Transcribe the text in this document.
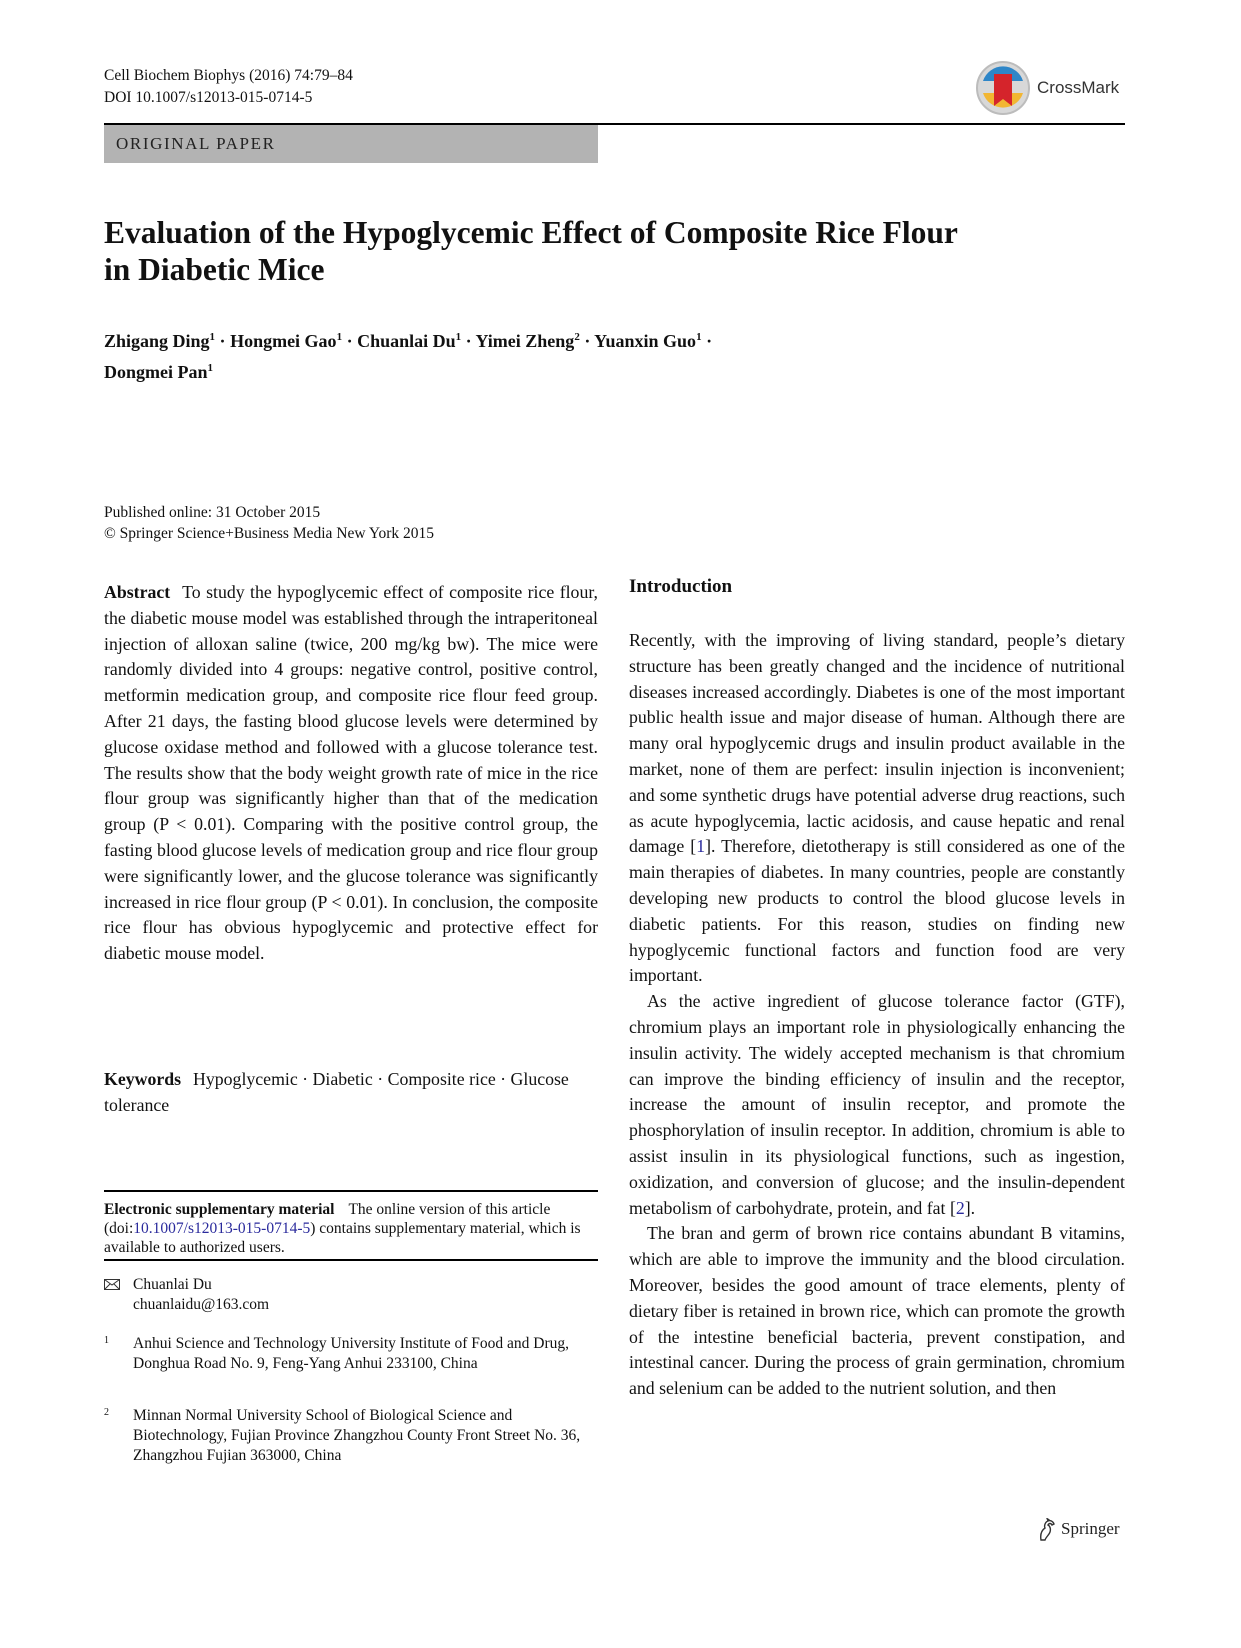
Cell Biochem Biophys (2016) 74:79–84
DOI 10.1007/s12013-015-0714-5
CrossMark
ORIGINAL PAPER
Evaluation of the Hypoglycemic Effect of Composite Rice Flour
in Diabetic Mice
Zhigang Ding$^1$ · Hongmei Gao$^1$ · Chuanlai $Du^1$ · Yimei Zheng$^2$ · Yuanxin Guo$^1$ ·
Dongmei Pan$^1$
Published online: 31 October 2015
© Springer Science+Business Media New York 2015
Abstract To study the hypoglycemic effect of composite rice flour, the diabetic mouse model was established through the intraperitoneal injection of alloxan saline (twice, 200 mg/kg bw). The mice were randomly divided into 4 groups: negative control, positive control, metformin medication group, and composite rice flour feed group. After 21 days, the fasting blood glucose levels were determined by glucose oxidase method and followed with a glucose tolerance test. The results show that the body weight growth rate of mice in the rice flour group was significantly higher than that of the medication group (P < 0.01). Comparing with the positive control group, the fasting blood glucose levels of medication group and rice flour group were significantly lower, and the glucose tolerance was significantly increased in rice flour group (P < 0.01). In conclusion, the composite rice flour has obvious hypoglycemic and protective effect for diabetic mouse model.
Keywords Hypoglycemic · Diabetic · Composite rice · Glucose tolerance
Electronic supplementary material The online version of this article (doi:10.1007/s12013-015-0714-5) contains supplementary material, which is available to authorized users.
Chuanlai Du
chuanlaidu@163.com
1 Anhui Science and Technology University Institute of Food and Drug, Donghua Road No. 9, Feng-Yang Anhui 233100, China
2 Minnan Normal University School of Biological Science and Biotechnology, Fujian Province Zhangzhou County Front Street No. 36, Zhangzhou Fujian 363000, China
Introduction

Recently, with the improving of living standard, people’s dietary structure has been greatly changed and the incidence of nutritional diseases increased accordingly. Diabetes is one of the most important public health issue and major disease of human. Although there are many oral hypoglycemic drugs and insulin product available in the market, none of them are perfect: insulin injection is inconvenient; and some synthetic drugs have potential adverse drug reactions, such as acute hypoglycemia, lactic acidosis, and cause hepatic and renal damage [1]. Therefore, dietotherapy is still considered as one of the main therapies of diabetes. In many countries, people are constantly developing new products to control the blood glucose levels in diabetic patients. For this reason, studies on finding new hypoglycemic functional factors and function food are very important.

As the active ingredient of glucose tolerance factor (GTF), chromium plays an important role in physiologically enhancing the insulin activity. The widely accepted mechanism is that chromium can improve the binding efficiency of insulin and the receptor, increase the amount of insulin receptor, and promote the phosphorylation of insulin receptor. In addition, chromium is able to assist insulin in its physiological functions, such as ingestion, oxidization, and conversion of glucose; and the insulin-dependent metabolism of carbohydrate, protein, and fat [2].

The bran and germ of brown rice contains abundant B vitamins, which are able to improve the immunity and the blood circulation. Moreover, besides the good amount of trace elements, plenty of dietary fiber is retained in brown rice, which can promote the growth of the intestine beneficial bacteria, prevent constipation, and intestinal cancer. During the process of grain germination, chromium and selenium can be added to the nutrient solution, and then

Springer
